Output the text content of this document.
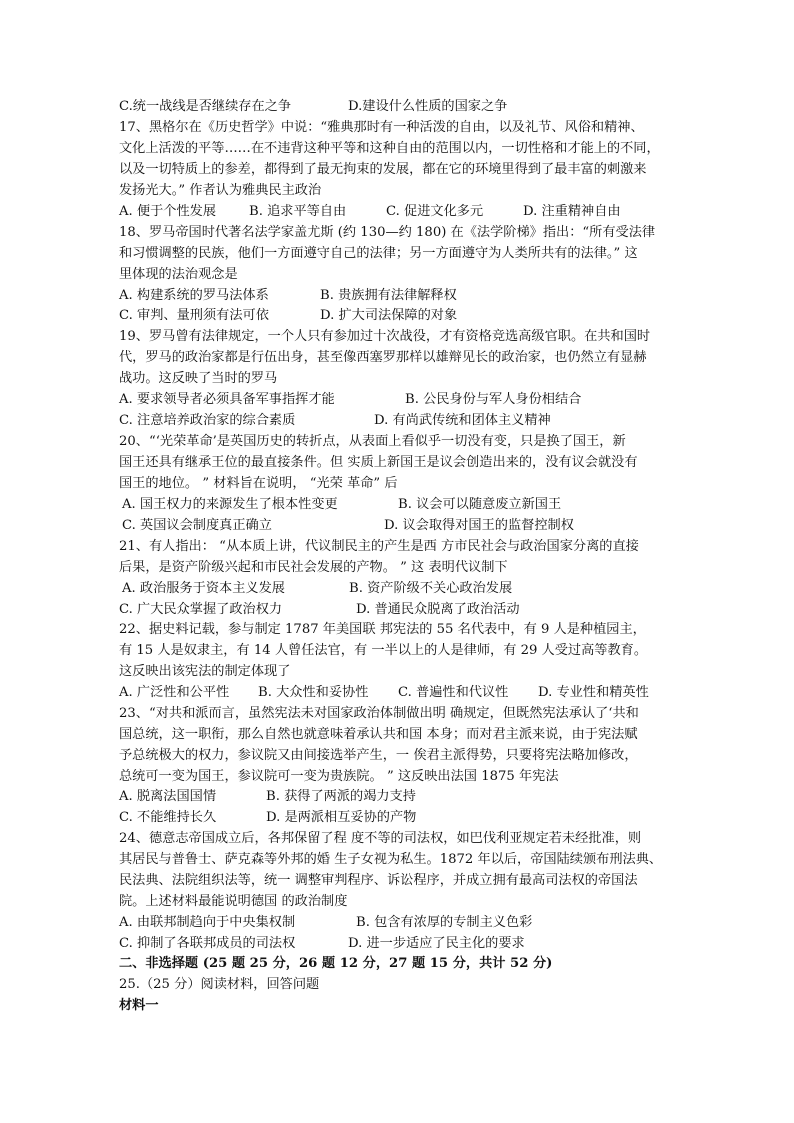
C.统一战线是否继续存在之争	D.建设什么性质的国家之争
17、黑格尔在《历史哲学》中说：“雅典那时有一种活泼的自由，以及礼节、风俗和精神、
文化上活泼的平等……在不违背这种平等和这种自由的范围以内，一切性格和才能上的不同，
以及一切特质上的参差，都得到了最无拘束的发展，都在它的环境里得到了最丰富的刺激来
发扬光大。” 作者认为雅典民主政治
A. 便于个性发展 B. 追求平等自由	C. 促进文化多元	D. 注重精神自由
18、罗马帝国时代著名法学家盖尤斯 (约 130—约 180) 在《法学阶梯》指出：“所有受法律
和习惯调整的民族，他们一方面遵守自己的法律；另一方面遵守为人类所共有的法律。” 这
里体现的法治观念是
A. 构建系统的罗马法体系	B. 贵族拥有法律解释权
C. 审判、量刑须有法可依	D. 扩大司法保障的对象
19、罗马曾有法律规定，一个人只有参加过十次战役，才有资格竞选高级官职。在共和国时
代，罗马的政治家都是行伍出身，甚至像西塞罗那样以雄辩见长的政治家，也仍然立有显赫
战功。这反映了当时的罗马
A. 要求领导者必须具备军事指挥才能	B. 公民身份与军人身份相结合
C. 注意培养政治家的综合素质	D. 有尚武传统和团体主义精神
20、“‘光荣革命’是英国历史的转折点，从表面上看似乎一切没有变，只是换了国王，新
国王还具有继承王位的最直接条件。但 实质上新国王是议会创造出来的，没有议会就没有
国王的地位。 ” 材料旨在说明， “光荣 革命” 后
A. 国王权力的来源发生了根本性变更	B. 议会可以随意废立新国王
C. 英国议会制度真正确立	D. 议会取得对国王的监督控制权
21、有人指出： “从本质上讲，代议制民主的产生是西 方市民社会与政治国家分离的直接
后果，是资产阶级兴起和市民社会发展的产物。 ” 这 表明代议制下
A. 政治服务于资本主义发展	B. 资产阶级不关心政治发展
C. 广大民众掌握了政治权力	D. 普通民众脱离了政治活动
22、据史料记载，参与制定 1787 年美国联 邦宪法的 55 名代表中，有 9 人是种植园主，
有 15 人是奴隶主，有 14 人曾任法官，有 一半以上的人是律师，有 29 人受过高等教育。
这反映出该宪法的制定体现了
A. 广泛性和公平性 B. 大众性和妥协性 C. 普遍性和代议性 D. 专业性和精英性
23、“对共和派而言，虽然宪法未对国家政治体制做出明 确规定，但既然宪法承认了‘共和
国总统，这一职衔，那么自然也就意味着承认共和国 本身；而对君主派来说，由于宪法赋
予总统极大的权力，参议院又由间接选举产生，一 俟君主派得势，只要将宪法略加修改，
总统可一变为国王，参议院可一变为贵族院。 ” 这反映出法国 1875 年宪法
A. 脱离法国国情	B. 获得了两派的竭力支持
C. 不能维持长久	D. 是两派相互妥协的产物
24、德意志帝国成立后，各邦保留了程 度不等的司法权，如巴伐利亚规定若未经批准，则
其居民与普鲁士、萨克森等外邦的婚 生子女视为私生。1872 年以后，帝国陆续颁布刑法典、
民法典、法院组织法等，统一 调整审判程序、诉讼程序，并成立拥有最高司法权的帝国法
院。上述材料最能说明德国 的政治制度
A. 由联邦制趋向于中央集权制	B. 包含有浓厚的专制主义色彩
C. 抑制了各联邦成员的司法权	D. 进一步适应了民主化的要求
二、非选择题 (25 题 25 分，26 题 12 分，27 题 15 分，共计 52 分)
25.（25 分）阅读材料，回答问题
材料一
